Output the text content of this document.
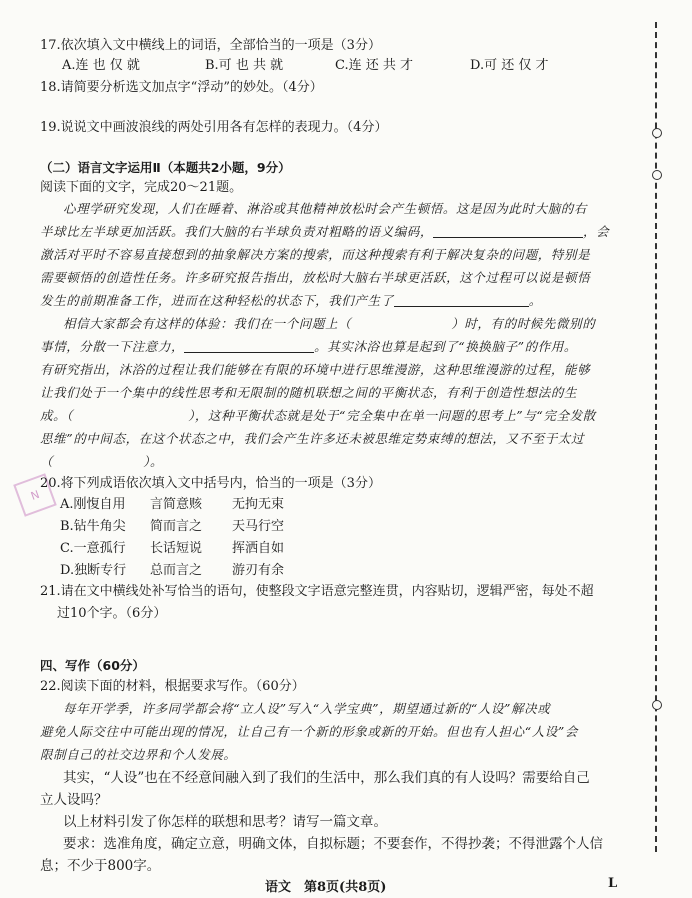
N
17.依次填入文中横线上的词语，全部恰当的一项是（3分）
A.连 也 仅 就	B.可 也 共 就	C.连 还 共 才	D.可 还 仅 才
18.请简要分析选文加点字“浮动”的妙处。（4分）
19.说说文中画波浪线的两处引用各有怎样的表现力。（4分）
（二）语言文字运用Ⅱ（本题共2小题，9分）
阅读下面的文字，完成20～21题。
心理学研究发现，人们在睡着、淋浴或其他精神放松时会产生顿悟。这是因为此时大脑的右
半球比左半球更加活跃。我们大脑的右半球负责对粗略的语义编码，	，会
激活对平时不容易直接想到的抽象解决方案的搜索，而这种搜索有利于解决复杂的问题，特别是
需要顿悟的创造性任务。许多研究报告指出，放松时大脑右半球更活跃，这个过程可以说是顿悟
发生的前期准备工作，进而在这种轻松的状态下，我们产生了	。
相信大家都会有这样的体验：我们在一个问题上（	）时，有的时候先微别的
事情，分散一下注意力，	。其实沐浴也算是起到了“换换脑子”的作用。
有研究指出，沐浴的过程让我们能够在有限的环境中进行思维漫游，这种思维漫游的过程，能够
让我们处于一个集中的线性思考和无限制的随机联想之间的平衡状态，有利于创造性想法的生
成。（	），这种平衡状态就是处于“完全集中在单一问题的思考上”与“完全发散
思维”的中间态，在这个状态之中，我们会产生许多还未被思维定势束缚的想法，又不至于太过
（	）。
20.将下列成语依次填入文中括号内，恰当的一项是（3分）
A.刚愎自用 言简意赅 无拘无束
B.钻牛角尖 简而言之 天马行空
C.一意孤行 长话短说 挥洒自如
D.独断专行 总而言之 游刃有余
21.请在文中横线处补写恰当的语句，使整段文字语意完整连贯，内容贴切，逻辑严密，每处不超
过10个字。（6分）
四、写作（60分）
22.阅读下面的材料，根据要求写作。（60分）
每年开学季，许多同学都会将“立人设”写入“入学宝典”，期望通过新的“人设”解决或
避免人际交往中可能出现的情况，让自己有一个新的形象或新的开始。但也有人担心“人设”会
限制自己的社交边界和个人发展。
其实，“人设”也在不经意间融入到了我们的生活中，那么我们真的有人设吗？需要给自己
立人设吗？
以上材料引发了你怎样的联想和思考？请写一篇文章。
要求：选准角度，确定立意，明确文体，自拟标题；不要套作，不得抄袭；不得泄露个人信
息；不少于800字。
语文　第8页(共8页)	L
